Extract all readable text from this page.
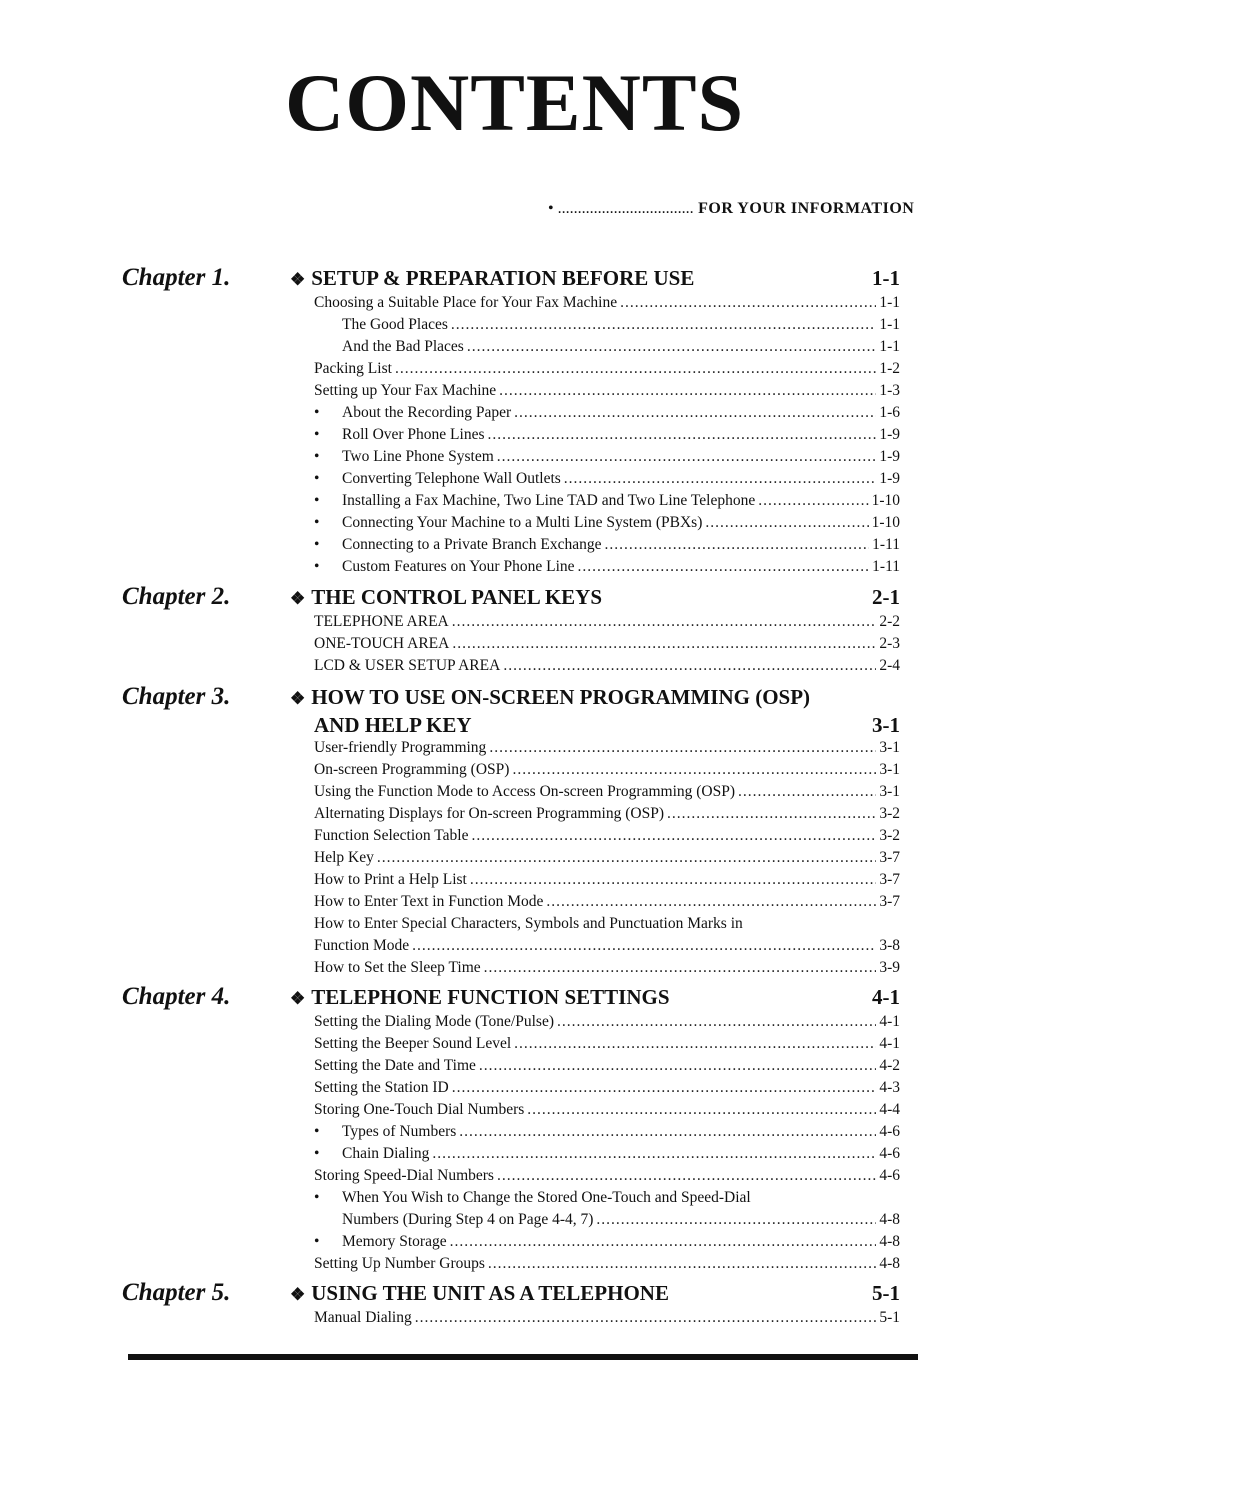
CONTENTS
• .................................. FOR YOUR INFORMATION
Chapter 1.	❖ SETUP & PREPARATION BEFORE USE	1-1
Choosing a Suitable Place for Your Fax Machine .....	1-1
The Good Places .....	1-1
And the Bad Places .....	1-1
Packing List .....	1-2
Setting up Your Fax Machine .....	1-3
•	About the Recording Paper .....	1-6
•	Roll Over Phone Lines .....	1-9
•	Two Line Phone System .....	1-9
•	Converting Telephone Wall Outlets .....	1-9
•	Installing a Fax Machine, Two Line TAD and Two Line Telephone .....	1-10
•	Connecting Your Machine to a Multi Line System (PBXs) .....	1-10
•	Connecting to a Private Branch Exchange .....	1-11
•	Custom Features on Your Phone Line .....	1-11
Chapter 2.	❖ THE CONTROL PANEL KEYS	2-1
TELEPHONE AREA .....	2-2
ONE-TOUCH AREA .....	2-3
LCD & USER SETUP AREA .....	2-4
Chapter 3.	❖ HOW TO USE ON-SCREEN PROGRAMMING (OSP)
AND HELP KEY	3-1
User-friendly Programming .....	3-1
On-screen Programming (OSP) .....	3-1
Using the Function Mode to Access On-screen Programming (OSP) .....	3-1
Alternating Displays for On-screen Programming (OSP) .....	3-2
Function Selection Table .....	3-2
Help Key .....	3-7
How to Print a Help List .....	3-7
How to Enter Text in Function Mode .....	3-7
How to Enter Special Characters, Symbols and Punctuation Marks in
Function Mode .....	3-8
How to Set the Sleep Time .....	3-9
Chapter 4.	❖ TELEPHONE FUNCTION SETTINGS	4-1
Setting the Dialing Mode (Tone/Pulse) .....	4-1
Setting the Beeper Sound Level .....	4-1
Setting the Date and Time .....	4-2
Setting the Station ID .....	4-3
Storing One-Touch Dial Numbers .....	4-4
•	Types of Numbers .....	4-6
•	Chain Dialing .....	4-6
Storing Speed-Dial Numbers .....	4-6
•	When You Wish to Change the Stored One-Touch and Speed-Dial
Numbers (During Step 4 on Page 4-4, 7) .....	4-8
•	Memory Storage .....	4-8
Setting Up Number Groups .....	4-8
Chapter 5.	❖ USING THE UNIT AS A TELEPHONE	5-1
Manual Dialing .....	5-1
